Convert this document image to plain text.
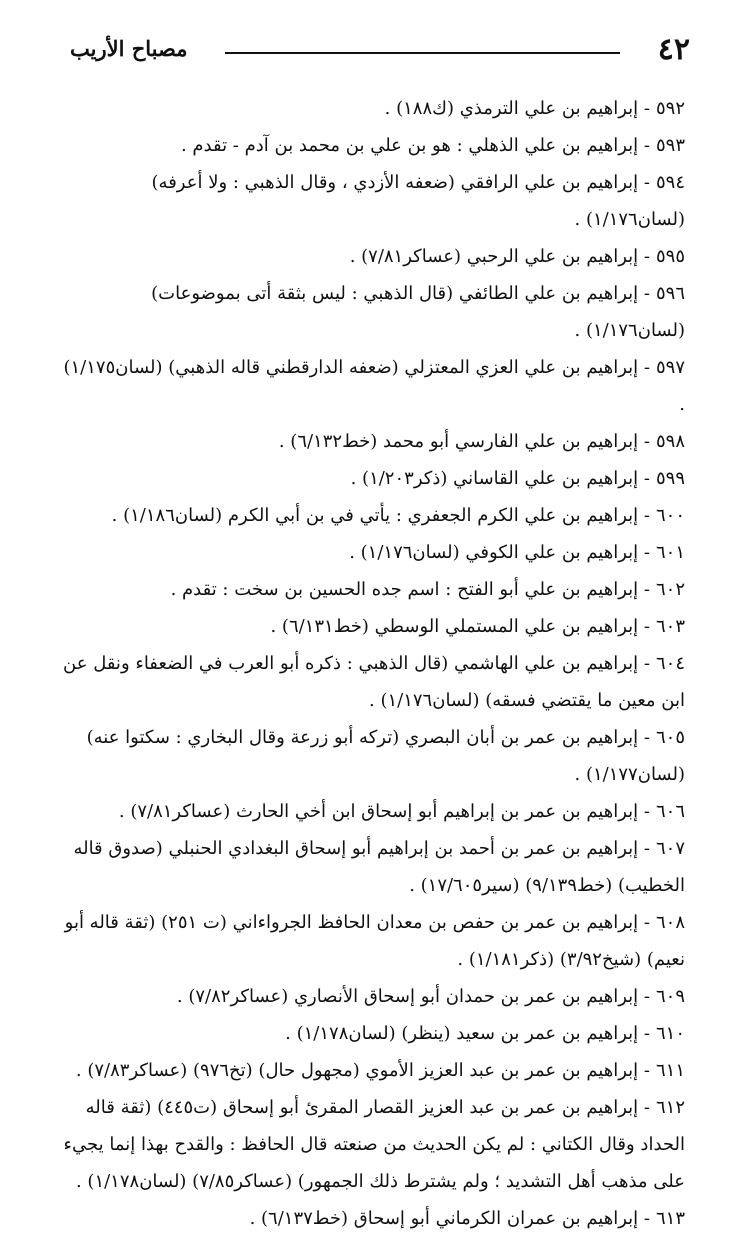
٤٢
مصباح الأريب

٥٩٢- إبراهيم بن علي الترمذي (ك١٨٨) .

٥٩٣- إبراهيم بن علي الذهلي : هو بن علي بن محمد بن آدم - تقدم .

٥٩٤- إبراهيم بن علي الرافقي (ضعفه الأزدي ، وقال الذهبي : ولا أعرفه) (لسان١/١٧٦) .

٥٩٥- إبراهيم بن علي الرحبي (عساكر٧/٨١) .

٥٩٦- إبراهيم بن علي الطائفي (قال الذهبي : ليس بثقة أتى بموضوعات) (لسان١/١٧٦) .

٥٩٧- إبراهيم بن علي العزي المعتزلي (ضعفه الدارقطني قاله الذهبي) (لسان١/١٧٥) .

٥٩٨- إبراهيم بن علي الفارسي أبو محمد (خط٦/١٣٢) .

٥٩٩- إبراهيم بن علي القاساني (ذكر١/٢٠٣) .

٦٠٠- إبراهيم بن علي الكرم الجعفري : يأتي في بن أبي الكرم (لسان١/١٨٦) .

٦٠١- إبراهيم بن علي الكوفي (لسان١/١٧٦) .

٦٠٢- إبراهيم بن علي أبو الفتح : اسم جده الحسين بن سخت : تقدم .

٦٠٣- إبراهيم بن علي المستملي الوسطي (خط٦/١٣١) .

٦٠٤- إبراهيم بن علي الهاشمي (قال الذهبي : ذكره أبو العرب في الضعفاء ونقل عن ابن معين ما يقتضي فسقه) (لسان١/١٧٦) .

٦٠٥- إبراهيم بن عمر بن أبان البصري (تركه أبو زرعة وقال البخاري : سكتوا عنه) (لسان١/١٧٧) .

٦٠٦- إبراهيم بن عمر بن إبراهيم أبو إسحاق ابن أخي الحارث (عساكر٧/٨١) .

٦٠٧- إبراهيم بن عمر بن أحمد بن إبراهيم أبو إسحاق البغدادي الحنبلي (صدوق قاله الخطيب) (خط٩/١٣٩) (سير١٧/٦٠٥) .

٦٠٨- إبراهيم بن عمر بن حفص بن معدان الحافظ الجرواءاني (ت ٢٥١) (ثقة قاله أبو نعيم) (شيخ٣/٩٢) (ذكر١/١٨١) .

٦٠٩- إبراهيم بن عمر بن حمدان أبو إسحاق الأنصاري (عساكر٧/٨٢) .

٦١٠- إبراهيم بن عمر بن سعيد (ينظر) (لسان١/١٧٨) .

٦١١- إبراهيم بن عمر بن عبد العزيز الأموي (مجهول حال) (تخ٩٧٦) (عساكر٧/٨٣) .

٦١٢- إبراهيم بن عمر بن عبد العزيز القصار المقرئ أبو إسحاق (ت٤٤٥) (ثقة قاله الحداد وقال الكتاني : لم يكن الحديث من صنعته قال الحافظ : والقدح بهذا إنما يجيء على مذهب أهل التشديد ؛ ولم يشترط ذلك الجمهور) (عساكر٧/٨٥) (لسان١/١٧٨) .

٦١٣- إبراهيم بن عمران الكرماني أبو إسحاق (خط٦/١٣٧) .
